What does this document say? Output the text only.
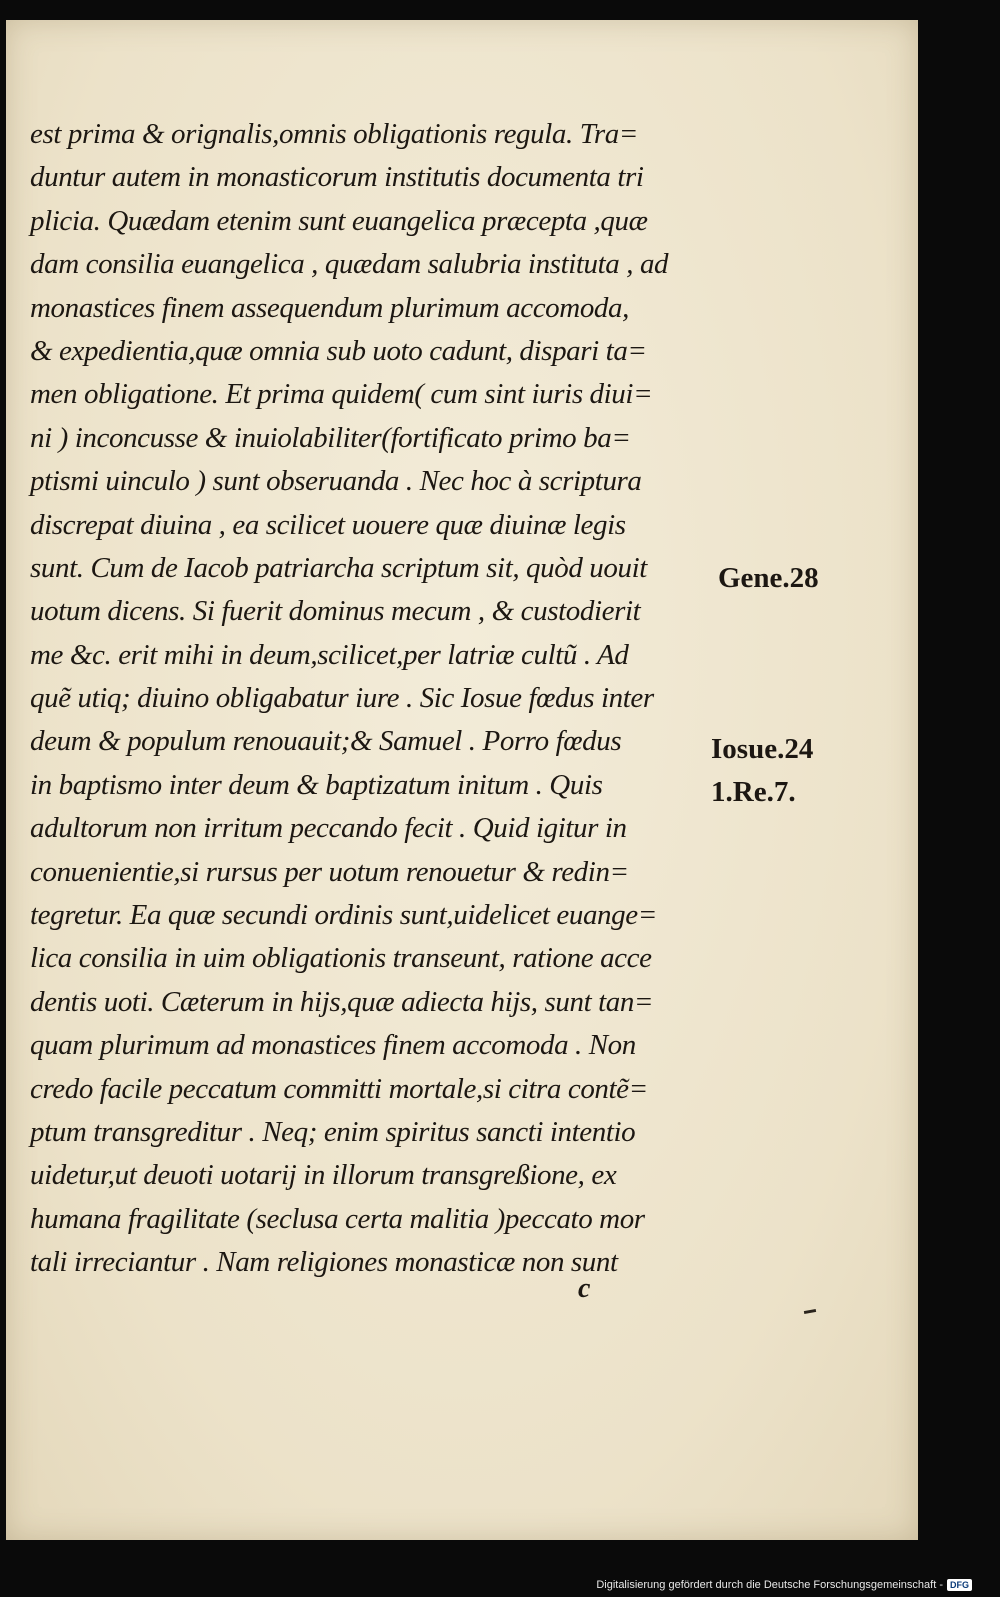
est prima & orignalis,omnis obligationis regula. Tra=
duntur autem in monasticorum institutis documenta tri
plicia. Quædam etenim sunt euangelica præcepta ,quæ
dam consilia euangelica , quædam salubria instituta , ad
monastices finem assequendum plurimum accomoda,
& expedientia,quæ omnia sub uoto cadunt, dispari ta=
men obligatione. Et prima quidem( cum sint iuris diui=
ni ) inconcusse & inuiolabiliter(fortificato primo ba=
ptismi uinculo ) sunt obseruanda . Nec hoc à scriptura
discrepat diuina , ea scilicet uouere quæ diuinæ legis
sunt. Cum de Iacob patriarcha scriptum sit, quòd uouit
uotum dicens. Si fuerit dominus mecum , & custodierit
me &c. erit mihi in deum,scilicet,per latriæ cultũ . Ad
quẽ utiq; diuino obligabatur iure . Sic Iosue fœdus inter
deum & populum renouauit;& Samuel . Porro fœdus
in baptismo inter deum & baptizatum initum . Quis
adultorum non irritum peccando fecit . Quid igitur in
conuenientie,si rursus per uotum renouetur & redin=
tegretur. Ea quæ secundi ordinis sunt,uidelicet euange=
lica consilia in uim obligationis transeunt, ratione acce
dentis uoti. Cæterum in hijs,quæ adiecta hijs, sunt tan=
quam plurimum ad monastices finem accomoda . Non
credo facile peccatum committi mortale,si citra contẽ=
ptum transgreditur . Neq; enim spiritus sancti intentio
uidetur,ut deuoti uotarij in illorum transgreßione, ex
humana fragilitate (seclusa certa malitia )peccato mor
tali irreciantur . Nam religiones monasticæ non sunt
Gene.28
Iosue.24
1.Re.7.
c
Digitalisierung gefördert durch die Deutsche Forschungsgemeinschaft - DFG
